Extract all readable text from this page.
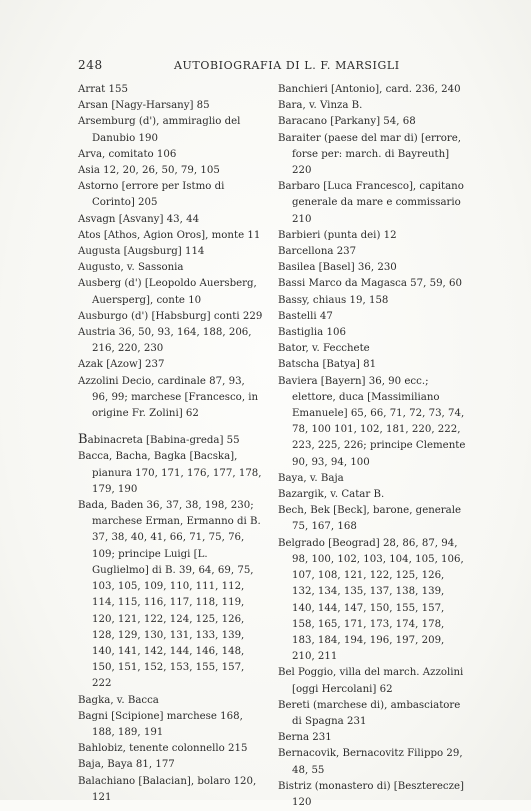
248	AUTOBIOGRAFIA DI L. F. MARSIGLI

Arrat 155

Arsan [Nagy-Harsany] 85

Arsemburg (d'), ammiraglio del Danubio 190

Arva, comitato 106

Asia 12, 20, 26, 50, 79, 105

Astorno [errore per Istmo di Corinto] 205

Asvagn [Asvany] 43, 44

Atos [Athos, Agion Oros], monte 11

Augusta [Augsburg] 114

Augusto, v. Sassonia

Ausberg (d') [Leopoldo Auersberg, Auersperg], conte 10

Ausburgo (d') [Habsburg] conti 229

Austria 36, 50, 93, 164, 188, 206, 216, 220, 230

Azak [Azow] 237

Azzolini Decio, cardinale 87, 93, 96, 99; marchese [Francesco, in origine Fr. Zolini] 62

Babinacreta [Babina-greda] 55

Bacca, Bacha, Bagka [Bacska], pianura 170, 171, 176, 177, 178, 179, 190

Bada, Baden 36, 37, 38, 198, 230; marchese Erman, Ermanno di B. 37, 38, 40, 41, 66, 71, 75, 76, 109; principe Luigi [L. Guglielmo] di B. 39, 64, 69, 75, 103, 105, 109, 110, 111, 112, 114, 115, 116, 117, 118, 119, 120, 121, 122, 124, 125, 126, 128, 129, 130, 131, 133, 139, 140, 141, 142, 144, 146, 148, 150, 151, 152, 153, 155, 157, 222

Bagka, v. Bacca

Bagni [Scipione] marchese 168, 188, 189, 191

Bahlobiz, tenente colonnello 215

Baja, Baya 81, 177

Balachiano [Balacian], bolaro 120, 121

Banchieri [Antonio], card. 236, 240

Bara, v. Vinza B.

Baracano [Parkany] 54, 68

Baraiter (paese del mar di) [errore, forse per: march. di Bayreuth] 220

Barbaro [Luca Francesco], capitano generale da mare e commissario 210

Barbieri (punta dei) 12

Barcellona 237

Basilea [Basel] 36, 230

Bassi Marco da Magasca 57, 59, 60

Bassy, chiaus 19, 158

Bastelli 47

Bastiglia 106

Bator, v. Fecchete

Batscha [Batya] 81

Baviera [Bayern] 36, 90 ecc.; elettore, duca [Massimiliano Emanuele] 65, 66, 71, 72, 73, 74, 78, 100 101, 102, 181, 220, 222, 223, 225, 226; principe Clemente 90, 93, 94, 100

Baya, v. Baja

Bazargik, v. Catar B.

Bech, Bek [Beck], barone, generale 75, 167, 168

Belgrado [Beograd] 28, 86, 87, 94, 98, 100, 102, 103, 104, 105, 106, 107, 108, 121, 122, 125, 126, 132, 134, 135, 137, 138, 139, 140, 144, 147, 150, 155, 157, 158, 165, 171, 173, 174, 178, 183, 184, 194, 196, 197, 209, 210, 211

Bel Poggio, villa del march. Azzolini [oggi Hercolani] 62

Bereti (marchese di), ambasciatore di Spagna 231

Berna 231

Bernacovik, Bernacovitz Filippo 29, 48, 55

Bistriz (monastero di) [Beszterecze] 120
